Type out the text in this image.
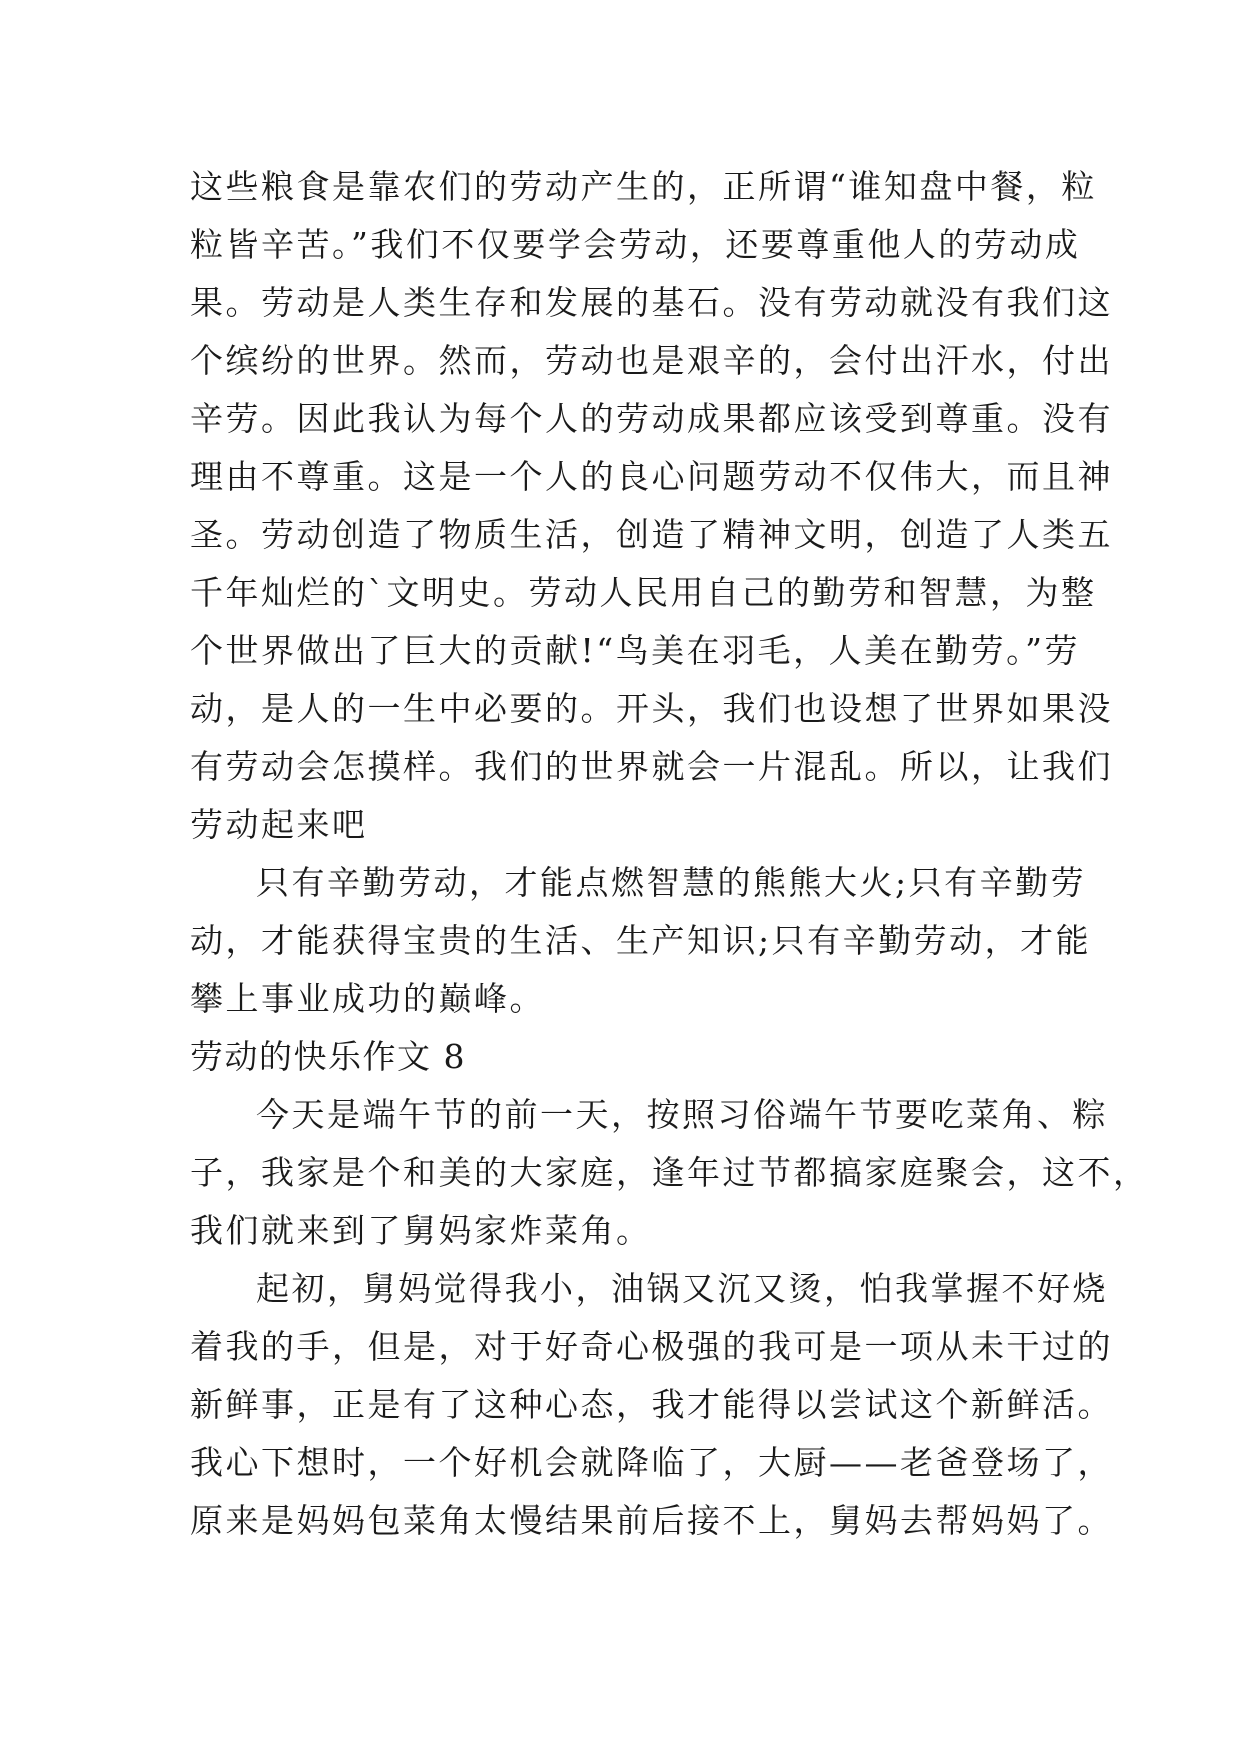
这些粮食是靠农们的劳动产生的，正所谓“谁知盘中餐，粒
粒皆辛苦。”我们不仅要学会劳动，还要尊重他人的劳动成
果。劳动是人类生存和发展的基石。没有劳动就没有我们这
个缤纷的世界。然而，劳动也是艰辛的，会付出汗水，付出
辛劳。因此我认为每个人的劳动成果都应该受到尊重。没有
理由不尊重。这是一个人的良心问题劳动不仅伟大，而且神
圣。劳动创造了物质生活，创造了精神文明，创造了人类五
千年灿烂的`文明史。劳动人民用自己的勤劳和智慧，为整
个世界做出了巨大的贡献!“鸟美在羽毛，人美在勤劳。”劳
动，是人的一生中必要的。开头，我们也设想了世界如果没
有劳动会怎摸样。我们的世界就会一片混乱。所以，让我们
劳动起来吧
只有辛勤劳动，才能点燃智慧的熊熊大火;只有辛勤劳
动，才能获得宝贵的生活、生产知识;只有辛勤劳动，才能
攀上事业成功的巅峰。
劳动的快乐作文 8
今天是端午节的前一天，按照习俗端午节要吃菜角、粽
子，我家是个和美的大家庭，逢年过节都搞家庭聚会，这不，
我们就来到了舅妈家炸菜角。
起初，舅妈觉得我小，油锅又沉又烫，怕我掌握不好烧
着我的手，但是，对于好奇心极强的我可是一项从未干过的
新鲜事，正是有了这种心态，我才能得以尝试这个新鲜活。
我心下想时，一个好机会就降临了，大厨——老爸登场了，
原来是妈妈包菜角太慢结果前后接不上，舅妈去帮妈妈了。
